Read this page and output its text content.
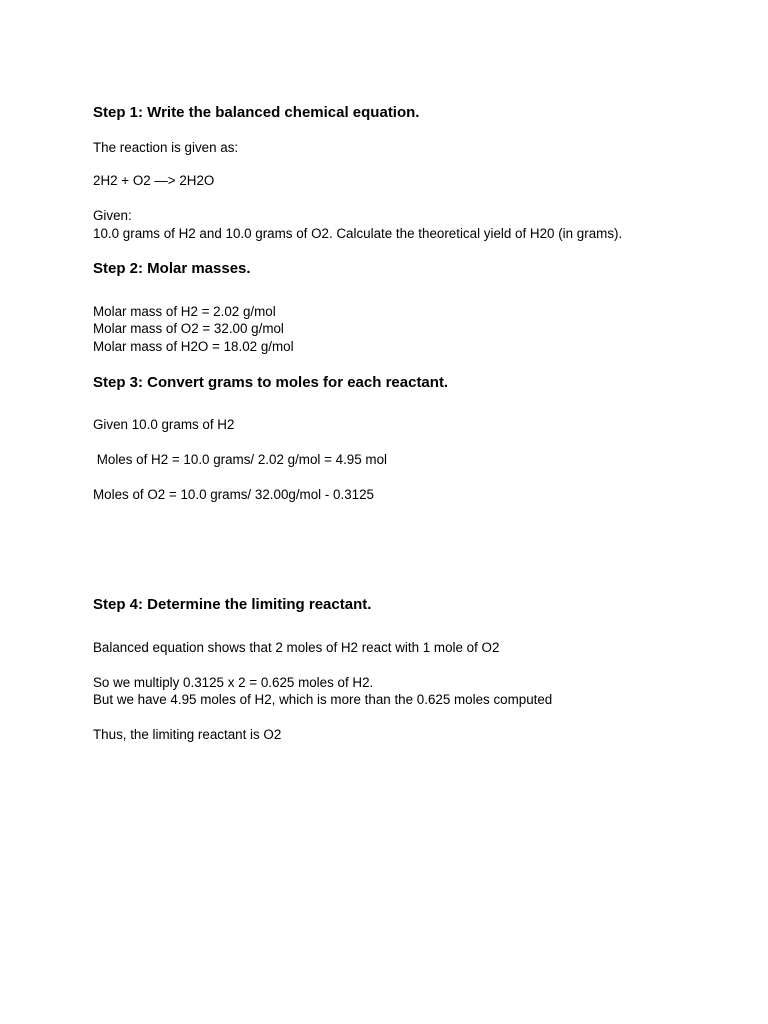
Step 1: Write the balanced chemical equation.
The reaction is given as:
2H2 + O2 —> 2H2O
Given:
10.0 grams of H2 and 10.0 grams of O2. Calculate the theoretical yield of H20 (in grams).
Step 2: Molar masses.
Molar mass of H2 = 2.02 g/mol
Molar mass of O2 = 32.00 g/mol
Molar mass of H2O = 18.02 g/mol
Step 3: Convert grams to moles for each reactant.
Given 10.0 grams of H2
Moles of H2 = 10.0 grams/ 2.02 g/mol = 4.95 mol
Moles of O2 = 10.0 grams/ 32.00g/mol - 0.3125
Step 4: Determine the limiting reactant.
Balanced equation shows that 2 moles of H2 react with 1 mole of O2
So we multiply 0.3125 x 2 = 0.625 moles of H2.
But we have 4.95 moles of H2, which is more than the 0.625 moles computed
Thus, the limiting reactant is O2
